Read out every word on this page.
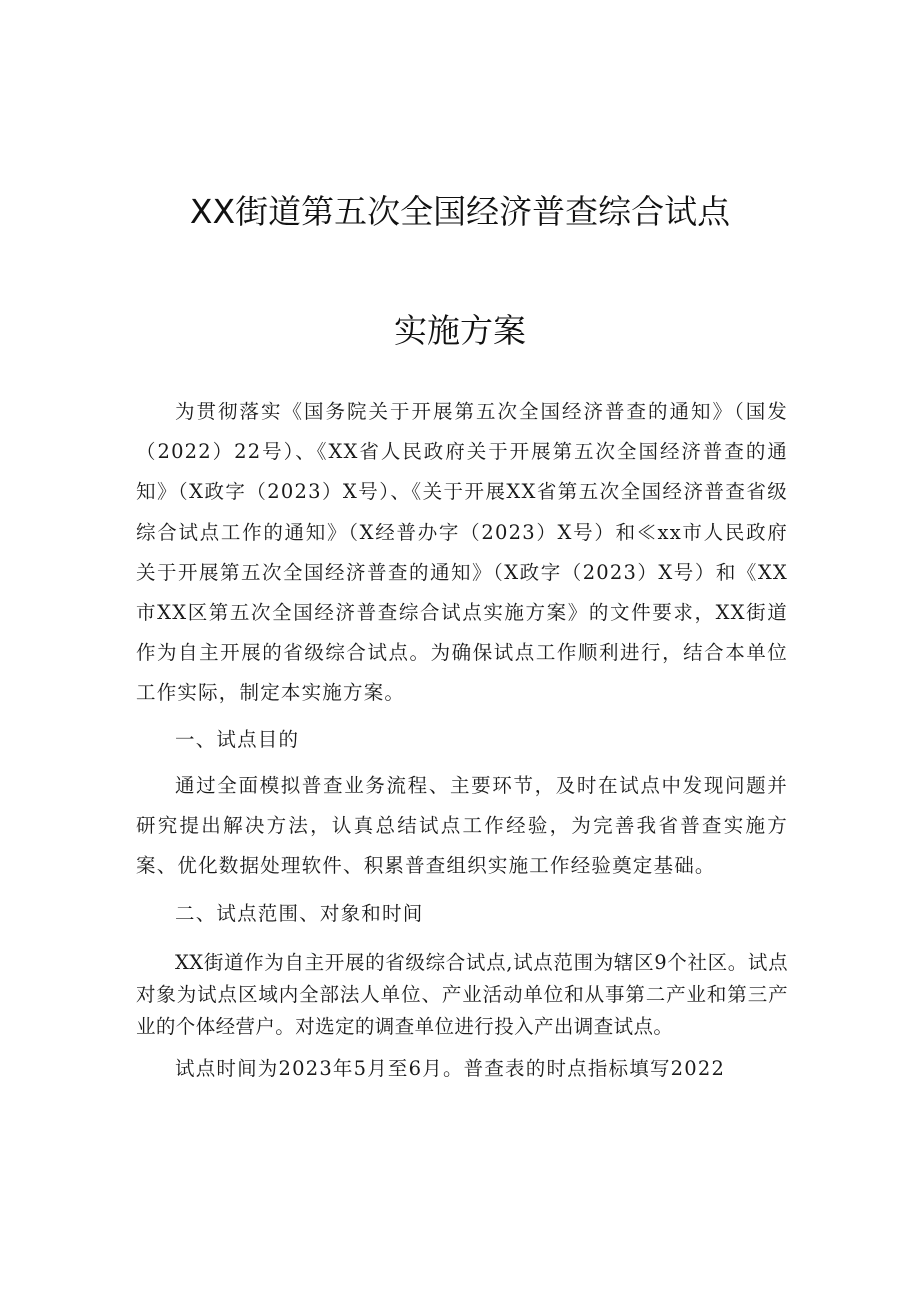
XX街道第五次全国经济普查综合试点
实施方案

为贯彻落实《国务院关于开展第五次全国经济普查的通知》（国发（2022）22号）、《XX省人民政府关于开展第五次全国经济普查的通知》（X政字（2023）X号）、《关于开展XX省第五次全国经济普查省级综合试点工作的通知》（X经普办字（2023）X号）和≪xx市人民政府关于开展第五次全国经济普查的通知》（X政字（2023）X号）和《XX市XX区第五次全国经济普查综合试点实施方案》的文件要求，XX街道作为自主开展的省级综合试点。为确保试点工作顺利进行，结合本单位工作实际，制定本实施方案。

一、试点目的

通过全面模拟普查业务流程、主要环节，及时在试点中发现问题并研究提出解决方法，认真总结试点工作经验，为完善我省普查实施方案、优化数据处理软件、积累普查组织实施工作经验奠定基础。

二、试点范围、对象和时间

XX街道作为自主开展的省级综合试点,试点范围为辖区9个社区。试点对象为试点区域内全部法人单位、产业活动单位和从事第二产业和第三产业的个体经营户。对选定的调查单位进行投入产出调查试点。

试点时间为2023年5月至6月。普查表的时点指标填写2022
